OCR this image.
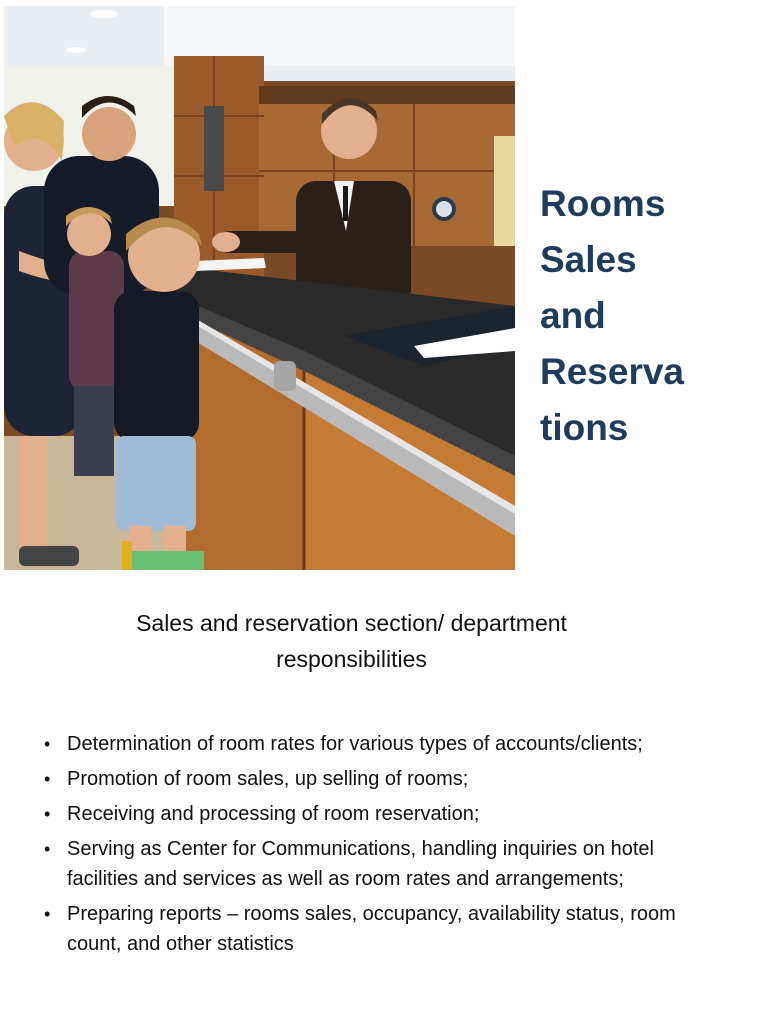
Rooms
Sales
and
Reserva
tions

Sales and reservation section/ department responsibilities

• Determination of room rates for various types of accounts/clients;
• Promotion of room sales, up selling of rooms;
• Receiving and processing of room reservation;
• Serving as Center for Communications, handling inquiries on hotel facilities and services as well as room rates and arrangements;
• Preparing reports – rooms sales, occupancy, availability status, room count, and other statistics
